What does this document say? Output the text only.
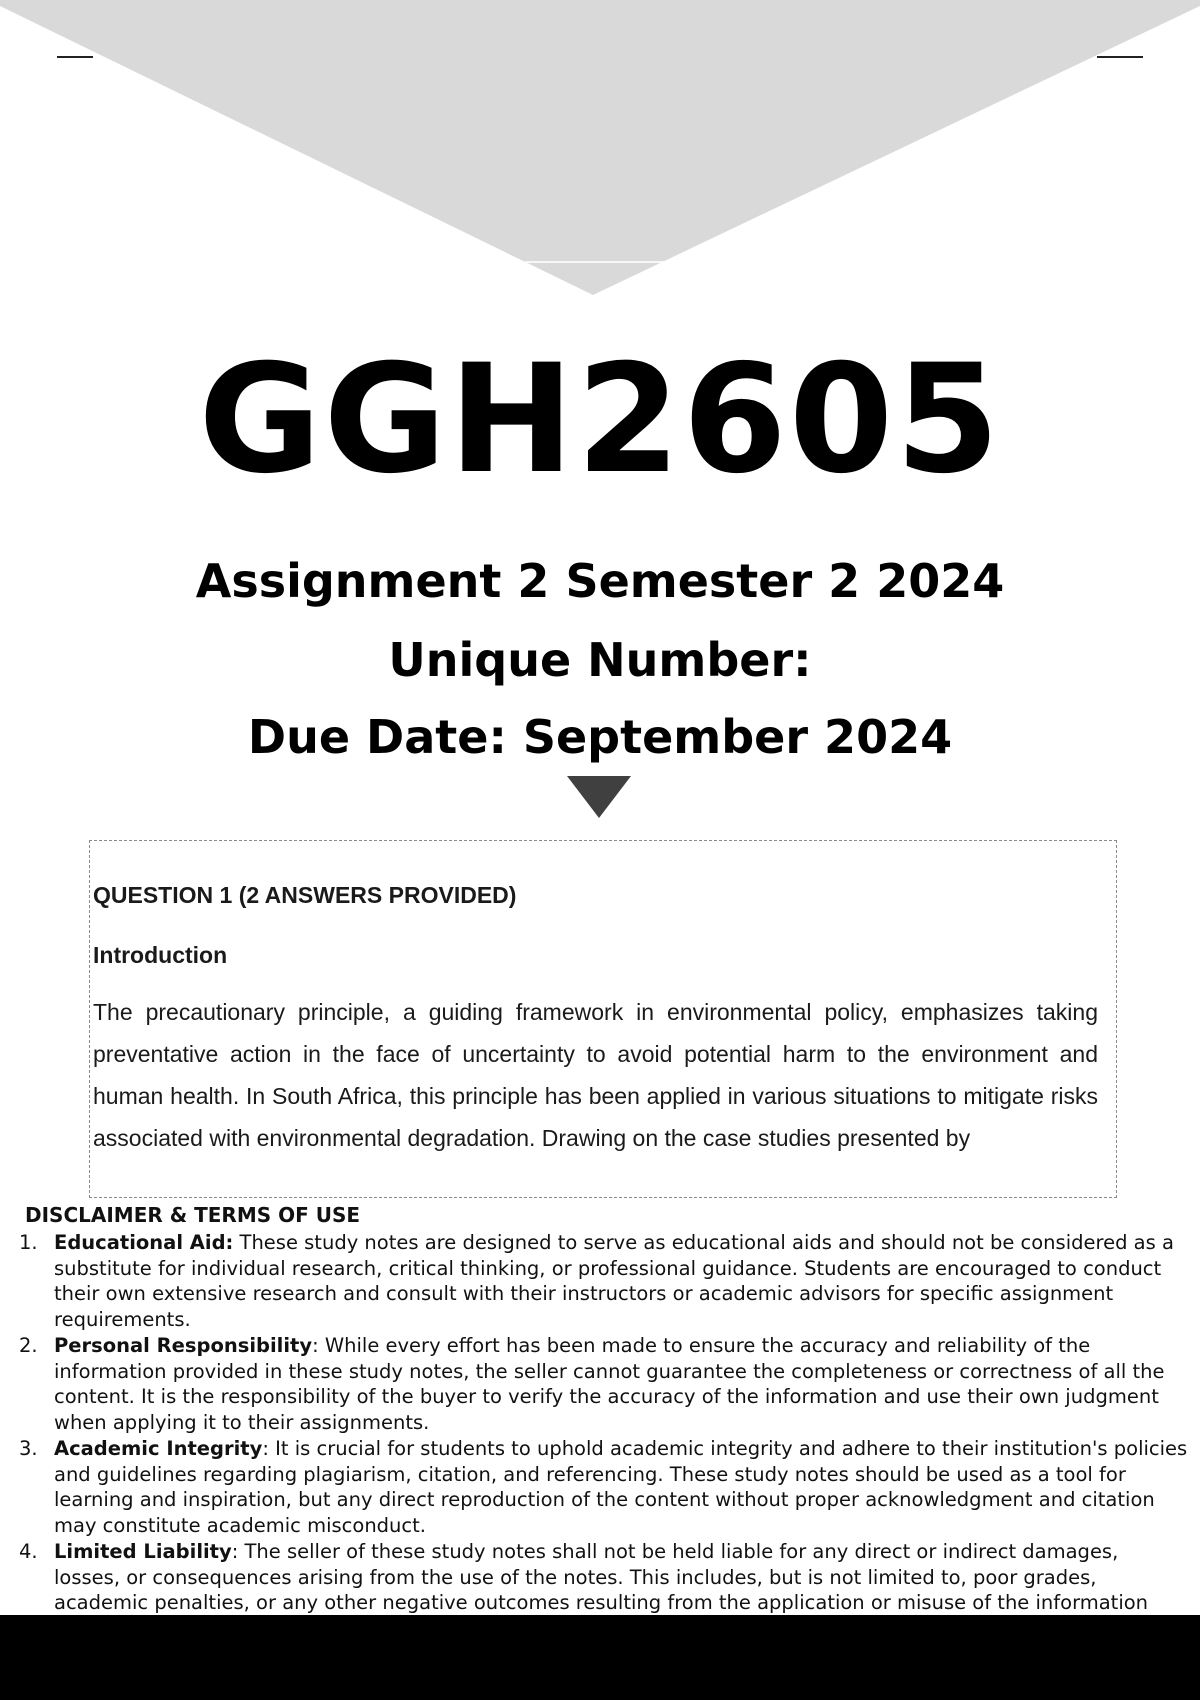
GGH2605
Assignment 2 Semester 2 2024
Unique Number:
Due Date: September 2024

QUESTION 1 (2 ANSWERS PROVIDED)

Introduction

The precautionary principle, a guiding framework in environmental policy, emphasizes taking preventative action in the face of uncertainty to avoid potential harm to the environment and human health. In South Africa, this principle has been applied in various situations to mitigate risks associated with environmental degradation. Drawing on the case studies presented by

DISCLAIMER & TERMS OF USE

1. Educational Aid: These study notes are designed to serve as educational aids and should not be considered as a substitute for individual research, critical thinking, or professional guidance. Students are encouraged to conduct their own extensive research and consult with their instructors or academic advisors for specific assignment requirements.
2. Personal Responsibility: While every effort has been made to ensure the accuracy and reliability of the information provided in these study notes, the seller cannot guarantee the completeness or correctness of all the content. It is the responsibility of the buyer to verify the accuracy of the information and use their own judgment when applying it to their assignments.
3. Academic Integrity: It is crucial for students to uphold academic integrity and adhere to their institution's policies and guidelines regarding plagiarism, citation, and referencing. These study notes should be used as a tool for learning and inspiration, but any direct reproduction of the content without proper acknowledgment and citation may constitute academic misconduct.
4. Limited Liability: The seller of these study notes shall not be held liable for any direct or indirect damages, losses, or consequences arising from the use of the notes. This includes, but is not limited to, poor grades, academic penalties, or any other negative outcomes resulting from the application or misuse of the information
